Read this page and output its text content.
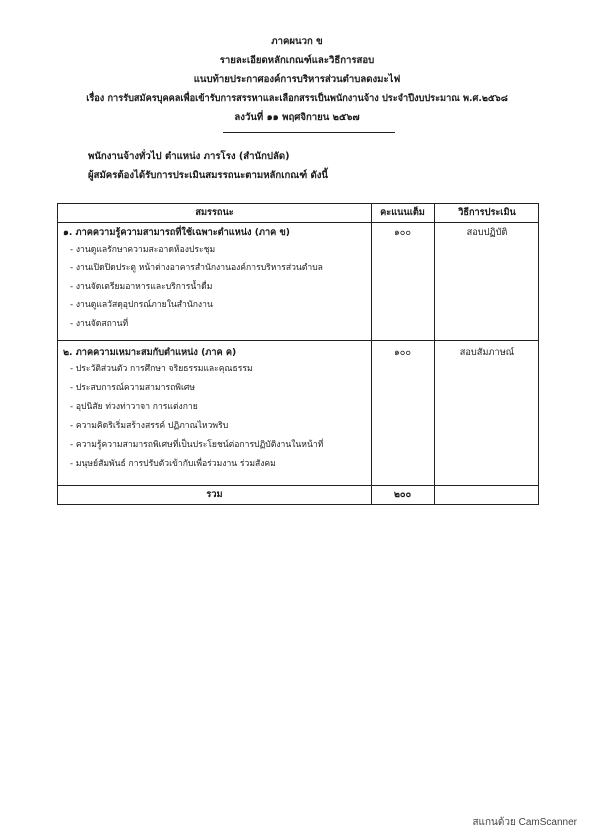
ภาคผนวก ข
รายละเอียดหลักเกณฑ์และวิธีการสอบ
แนบท้ายประกาศองค์การบริหารส่วนตำบลดงมะไฟ
เรื่อง การรับสมัครบุคคลเพื่อเข้ารับการสรรหาและเลือกสรรเป็นพนักงานจ้าง ประจำปีงบประมาณ พ.ศ.๒๕๖๘
ลงวันที่ ๑๑ พฤศจิกายน ๒๕๖๗
พนักงานจ้างทั่วไป ตำแหน่ง ภารโรง (สำนักปลัด)
ผู้สมัครต้องได้รับการประเมินสมรรถนะตามหลักเกณฑ์ ดังนี้
สมรรถนะ	คะแนนเต็ม	วิธีการประเมิน
๑. ภาคความรู้ความสามารถที่ใช้เฉพาะตำแหน่ง (ภาค ข)	๑๐๐	สอบปฏิบัติ
- งานดูแลรักษาความสะอาดห้องประชุม
- งานเปิดปิดประตู หน้าต่างอาคารสำนักงานองค์การบริหารส่วนตำบล
- งานจัดเตรียมอาหารและบริการน้ำดื่ม
- งานดูแลวัสดุอุปกรณ์ภายในสำนักงาน
- งานจัดสถานที่
๒. ภาคความเหมาะสมกับตำแหน่ง (ภาค ค)	๑๐๐	สอบสัมภาษณ์
- ประวัติส่วนตัว การศึกษา จริยธรรมและคุณธรรม
- ประสบการณ์ความสามารถพิเศษ
- อุปนิสัย ท่วงท่าวาจา การแต่งกาย
- ความคิดริเริ่มสร้างสรรค์ ปฏิภาณไหวพริบ
- ความรู้ความสามารถพิเศษที่เป็นประโยชน์ต่อการปฏิบัติงานในหน้าที่
- มนุษย์สัมพันธ์ การปรับตัวเข้ากับเพื่อร่วมงาน ร่วมสังคม
รวม	๒๐๐
สแกนด้วย CamScanner
